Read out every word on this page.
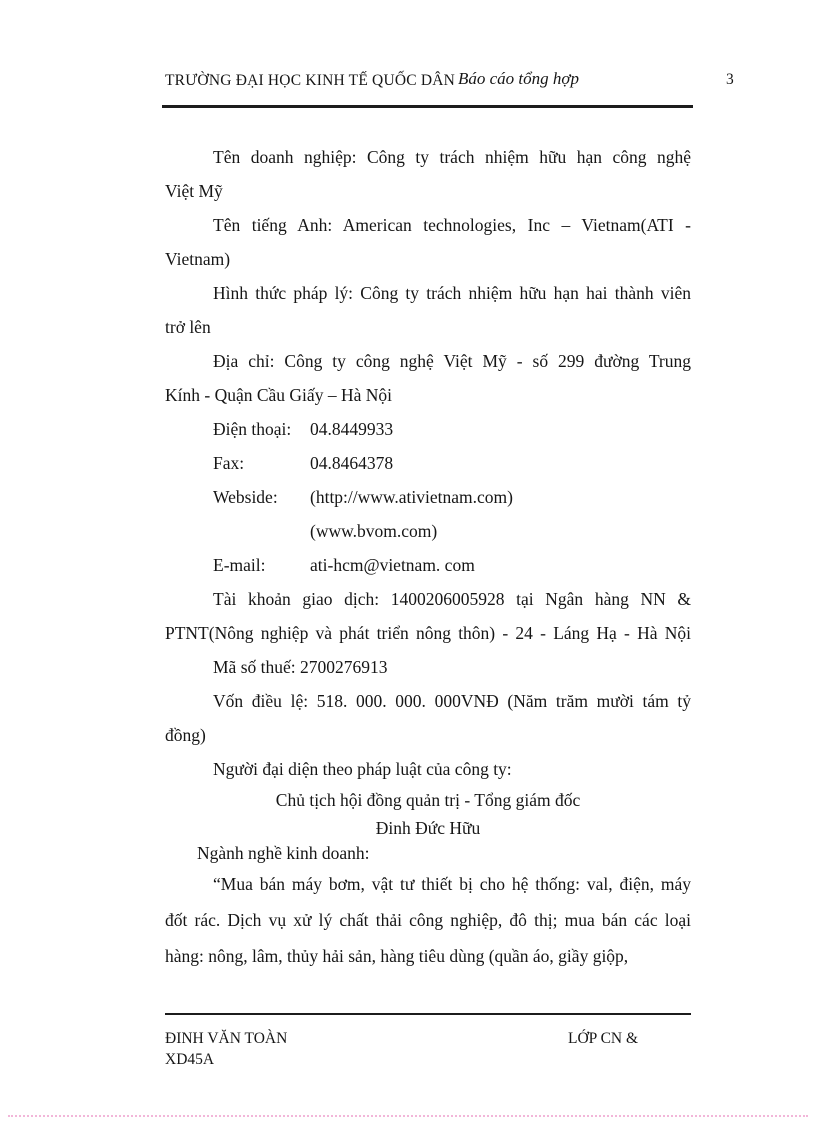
TRƯỜNG ĐẠI HỌC KINH TẾ QUỐC DÂN Báo cáo tổng hợp	3
Tên doanh nghiệp: Công ty trách nhiệm hữu hạn công nghệ
Việt Mỹ
Tên tiếng Anh: American technologies, Inc – Vietnam(ATI -
Vietnam)
Hình thức pháp lý: Công ty trách nhiệm hữu hạn hai thành viên
trở lên
Địa chỉ: Công ty công nghệ Việt Mỹ - số 299 đường Trung
Kính - Quận Cầu Giấy – Hà Nội
Điện thoại: 04.8449933
Fax:	04.8464378
Webside: (http://www.ativietnam.com)
(www.bvom.com)
E-mail:	ati-hcm@vietnam. com
Tài khoản giao dịch: 1400206005928 tại Ngân hàng NN &
PTNT(Nông nghiệp và phát triển nông thôn) - 24 - Láng Hạ - Hà Nội
Mã số thuế: 2700276913
Vốn điều lệ: 518. 000. 000. 000VNĐ (Năm trăm mười tám tỷ
đồng)
Người đại diện theo pháp luật của công ty:
Chủ tịch hội đồng quản trị - Tổng giám đốc
Đinh Đức Hữu
Ngành nghề kinh doanh:
“Mua bán máy bơm, vật tư thiết bị cho hệ thống: val, điện, máy
đốt rác. Dịch vụ xử lý chất thải công nghiệp, đô thị; mua bán các loại
hàng: nông, lâm, thủy hải sản, hàng tiêu dùng (quần áo, giầy giộp,
ĐINH VĂN TOÀN
XD45A
LỚP CN &
